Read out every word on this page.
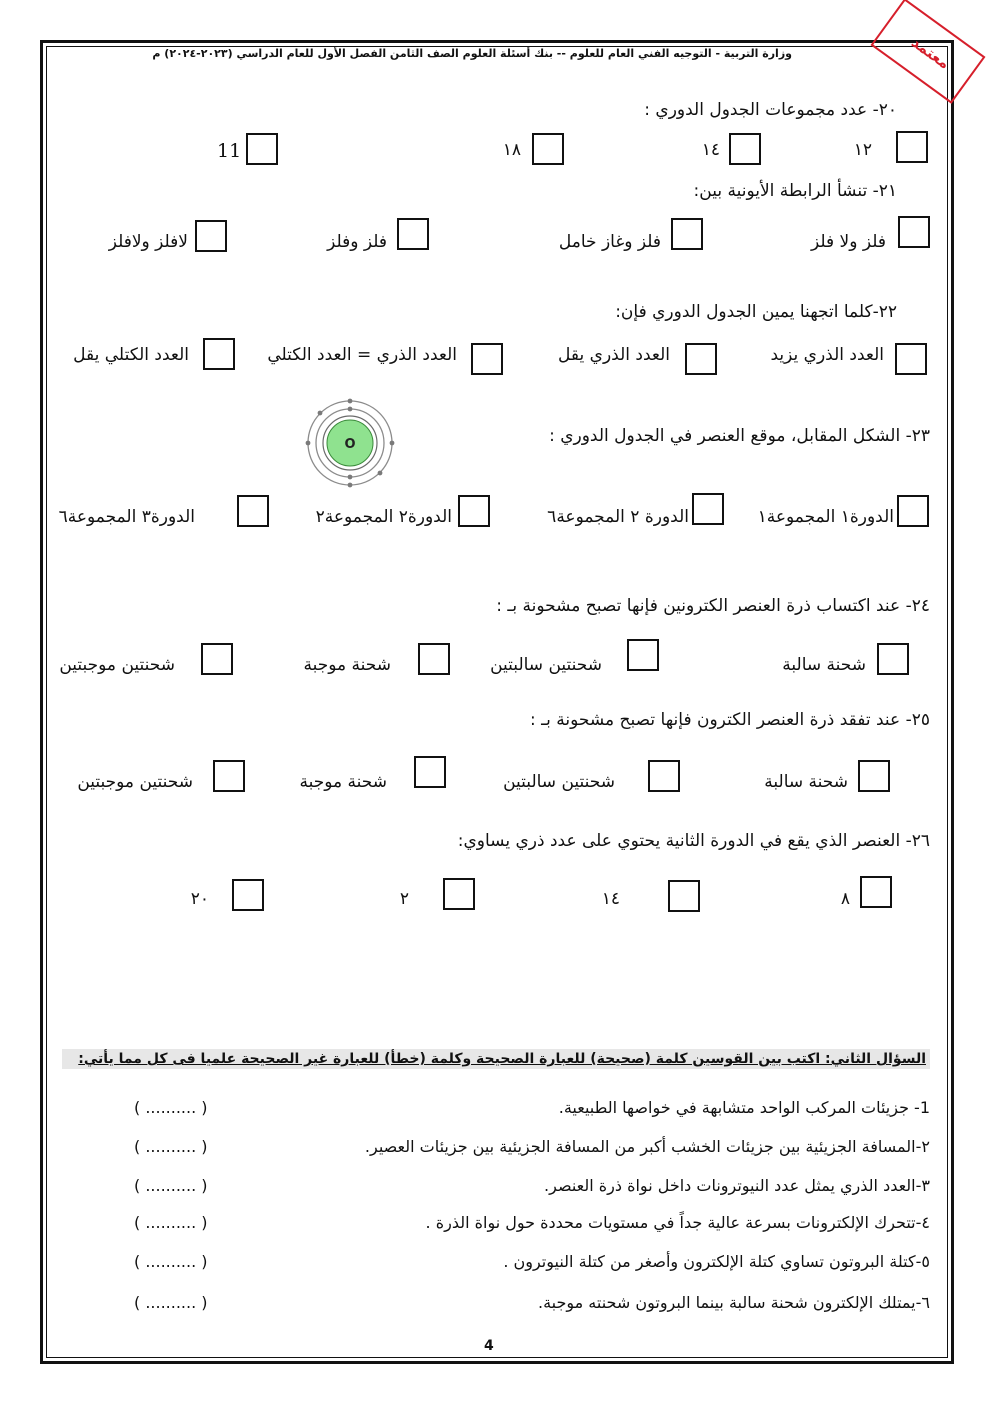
وزارة التربية - التوجيه الفني العام للعلوم -- بنك أسئلة العلوم الصف الثامن الفصل الأول للعام الدراسي (٢٠٢٣-٢٠٢٤) م	معتمد
٢٠- عدد مجموعات الجدول الدوري :
١٢
١٤
١٨
11
٢١- تنشأ الرابطة الأيونية بين:
فلز ولا فلز
فلز وغاز خامل
فلز وفلز
لافلز ولافلز
٢٢-كلما اتجهنا يمين الجدول الدوري فإن:
العدد الذري يزيد
العدد الذري يقل
العدد الذري = العدد الكتلي
العدد الكتلي يقل
٢٣- الشكل المقابل، موقع العنصر في الجدول الدوري :
O
الدورة١ المجموعة١
الدورة ٢ المجموعة٦
الدورة٢ المجموعة٢
الدورة٣ المجموعة٦
٢٤- عند اكتساب ذرة العنصر الكترونين فإنها تصبح مشحونة بـ :
شحنة سالبة
شحنتين سالبتين
شحنة موجبة
شحنتين موجبتين
٢٥- عند تفقد ذرة العنصر الكترون فإنها تصبح مشحونة بـ :
شحنة سالبة
شحنتين سالبتين
شحنة موجبة
شحنتين موجبتين
٢٦- العنصر الذي يقع في الدورة الثانية يحتوي على عدد ذري يساوي:
٨
١٤
٢
٢٠
السؤال الثاني: اكتب بين القوسين كلمة (صحيحة) للعبارة الصحيحة وكلمة (خطأ) للعبارة غير الصحيحة علميا فى كل مما يأتي:
1- جزيئات المركب الواحد متشابهة في خواصها الطبيعية.
( .......... )
٢-المسافة الجزيئية بين جزيئات الخشب أكبر من المسافة الجزيئية بين جزيئات العصير.
( .......... )
٣-العدد الذري يمثل عدد النيوترونات داخل نواة ذرة العنصر.
( .......... )
٤-تتحرك الإلكترونات بسرعة عالية جداً في مستويات محددة حول نواة الذرة .
( .......... )
٥-كتلة البروتون تساوي كتلة الإلكترون وأصغر من كتلة النيوترون .
( .......... )
٦-يمتلك الإلكترون شحنة سالبة بينما البروتون شحنته موجبة.
( .......... )
4
